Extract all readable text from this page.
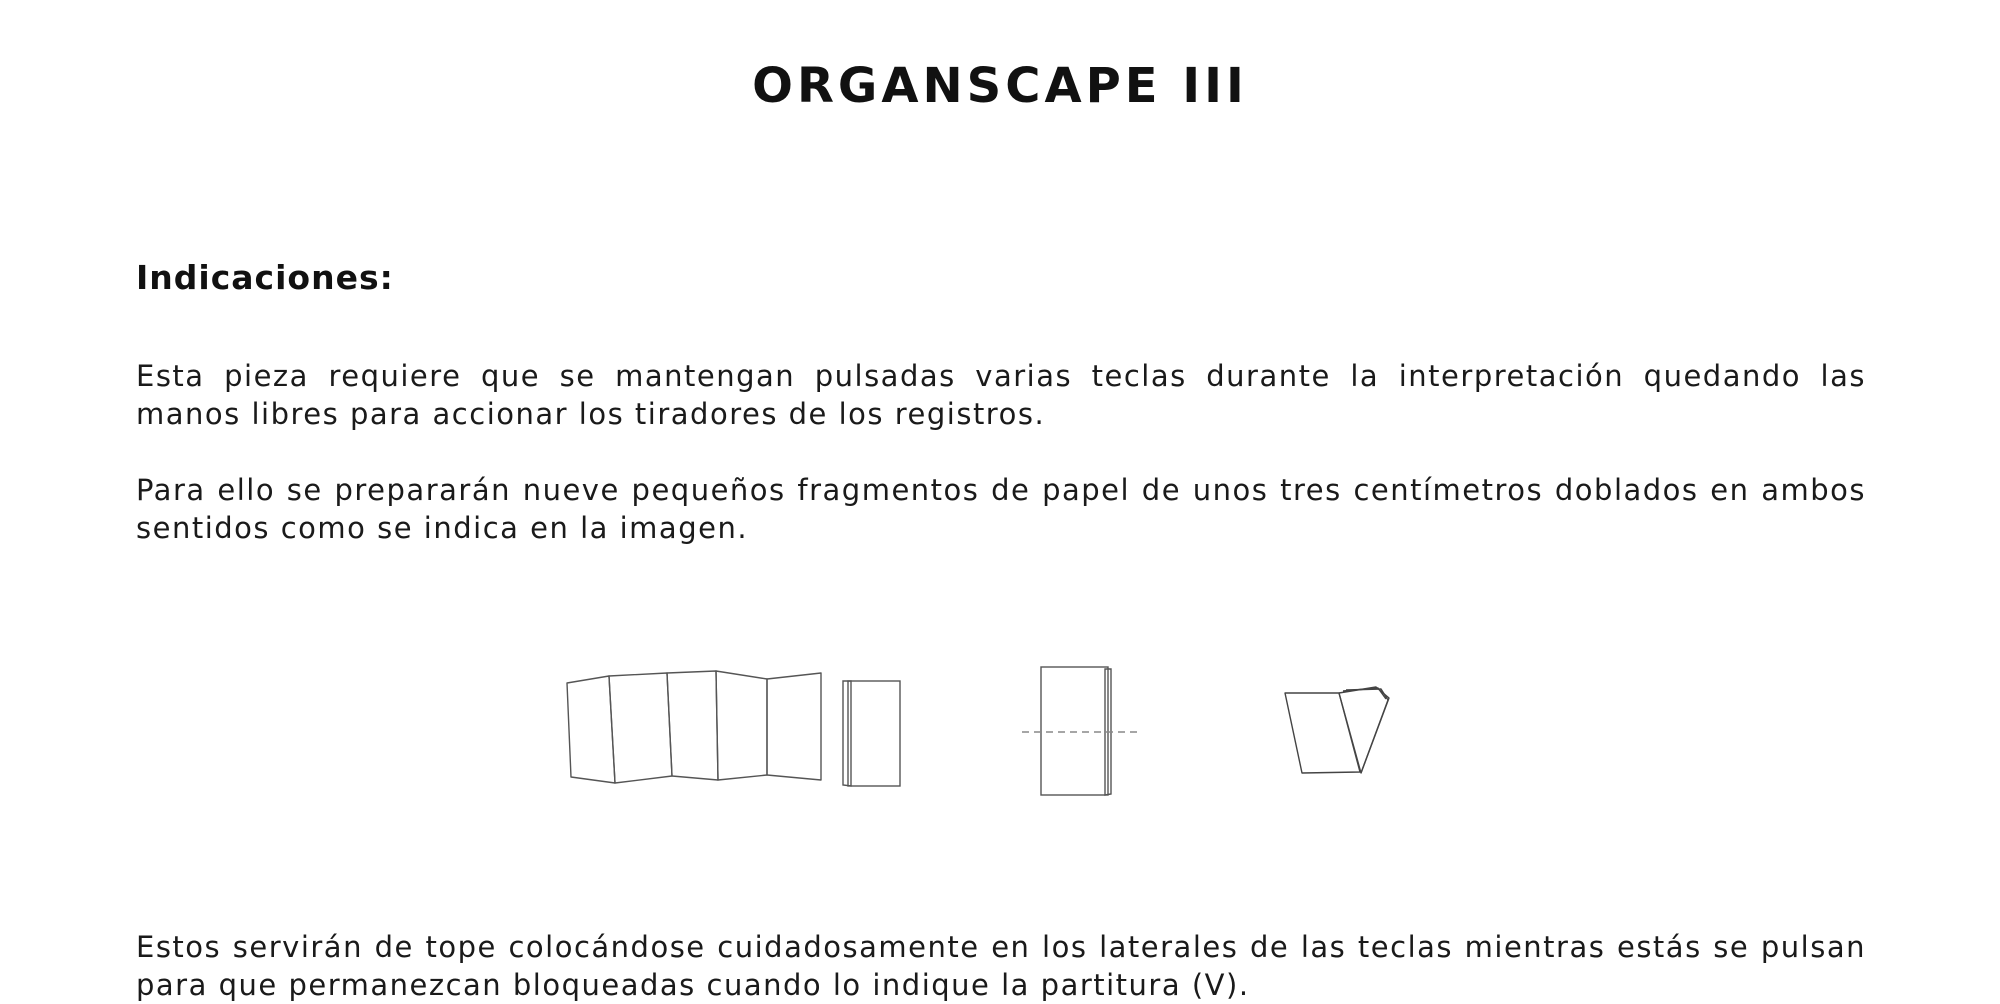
ORGANSCAPE III
Indicaciones:

Esta pieza requiere que se mantengan pulsadas varias teclas durante la interpretación quedando las manos libres para accionar los tiradores de los registros.

Para ello se prepararán nueve pequeños fragmentos de papel de unos tres centímetros doblados en ambos sentidos como se indica en la imagen.

Estos servirán de tope colocándose cuidadosamente en los laterales de las teclas mientras estás se pulsan para que permanezcan bloqueadas cuando lo indique la partitura (V).
